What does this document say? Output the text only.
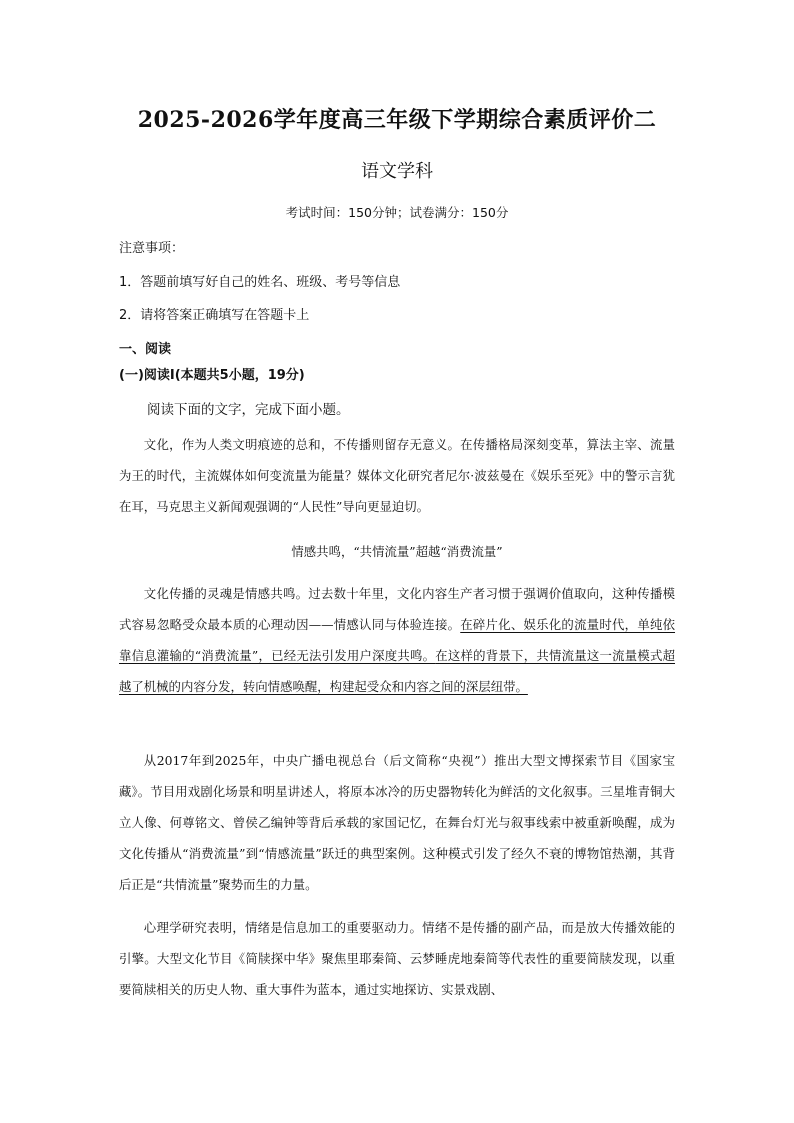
2025-2026学年度高三年级下学期综合素质评价二
语文学科
考试时间：150分钟；试卷满分：150分
注意事项：
1．答题前填写好自己的姓名、班级、考号等信息
2．请将答案正确填写在答题卡上
一、阅读
(一)阅读Ⅰ(本题共5小题，19分)
阅读下面的文字，完成下面小题。

文化，作为人类文明痕迹的总和，不传播则留存无意义。在传播格局深刻变革，算法主宰、流量为王的时代，主流媒体如何变流量为能量？媒体文化研究者尼尔·波兹曼在《娱乐至死》中的警示言犹在耳，马克思主义新闻观强调的“人民性”导向更显迫切。

情感共鸣，“共情流量”超越“消费流量”

文化传播的灵魂是情感共鸣。过去数十年里，文化内容生产者习惯于强调价值取向，这种传播模式容易忽略受众最本质的心理动因——情感认同与体验连接。在碎片化、娱乐化的流量时代，单纯依靠信息灌输的“消费流量”，已经无法引发用户深度共鸣。在这样的背景下，共情流量这一流量模式超越了机械的内容分发，转向情感唤醒，构建起受众和内容之间的深层纽带。

从2017年到2025年，中央广播电视总台（后文简称“央视”）推出大型文博探索节目《国家宝藏》。节目用戏剧化场景和明星讲述人，将原本冰冷的历史器物转化为鲜活的文化叙事。三星堆青铜大立人像、何尊铭文、曾侯乙编钟等背后承载的家国记忆，在舞台灯光与叙事线索中被重新唤醒，成为文化传播从“消费流量”到“情感流量”跃迁的典型案例。这种模式引发了经久不衰的博物馆热潮，其背后正是“共情流量”聚势而生的力量。

心理学研究表明，情绪是信息加工的重要驱动力。情绪不是传播的副产品，而是放大传播效能的引擎。大型文化节目《简牍探中华》聚焦里耶秦简、云梦睡虎地秦简等代表性的重要简牍发现，以重要简牍相关的历史人物、重大事件为蓝本，通过实地探访、实景戏剧、
